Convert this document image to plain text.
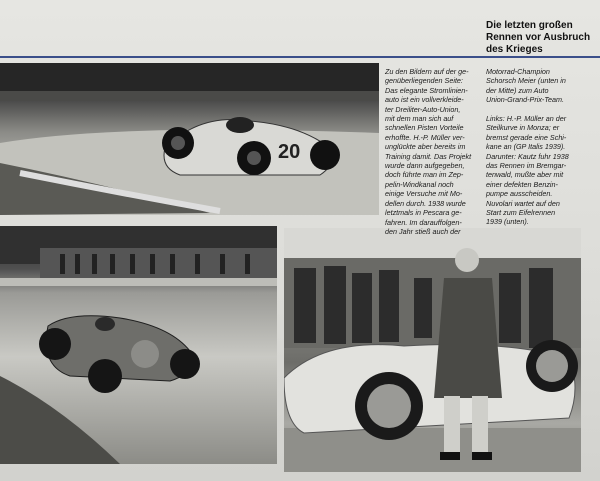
Die letzten großen
Rennen vor Ausbruch
des Krieges
20
Zu den Bildern auf der ge-
genüberliegenden Seite:
Das elegante Stromlinien-
auto ist ein vollverkleide-
ter Dreiliter-Auto-Union,
mit dem man sich auf
schnellen Pisten Vorteile
erhoffte. H.-P. Müller ver-
unglückte aber bereits im
Training damit. Das Projekt
wurde dann aufgegeben,
doch führte man im Zep-
pelin-Windkanal noch
einige Versuche mit Mo-
dellen durch. 1938 wurde
letztmals in Pescara ge-
fahren. Im darauffolgen-
den Jahr stieß auch der
Motorrad-Champion
Schorsch Meier (unten in
der Mitte) zum Auto
Union-Grand-Prix-Team.
Links: H.-P. Müller an der
Steilkurve in Monza; er
bremst gerade eine Schi-
kane an (GP Italis 1939).
Darunter: Kautz fuhr 1938
das Rennen im Bremgar-
tenwald, mußte aber mit
einer defekten Benzin-
pumpe ausscheiden.
Nuvolari wartet auf den
Start zum Eifelrennen
1939 (unten).
